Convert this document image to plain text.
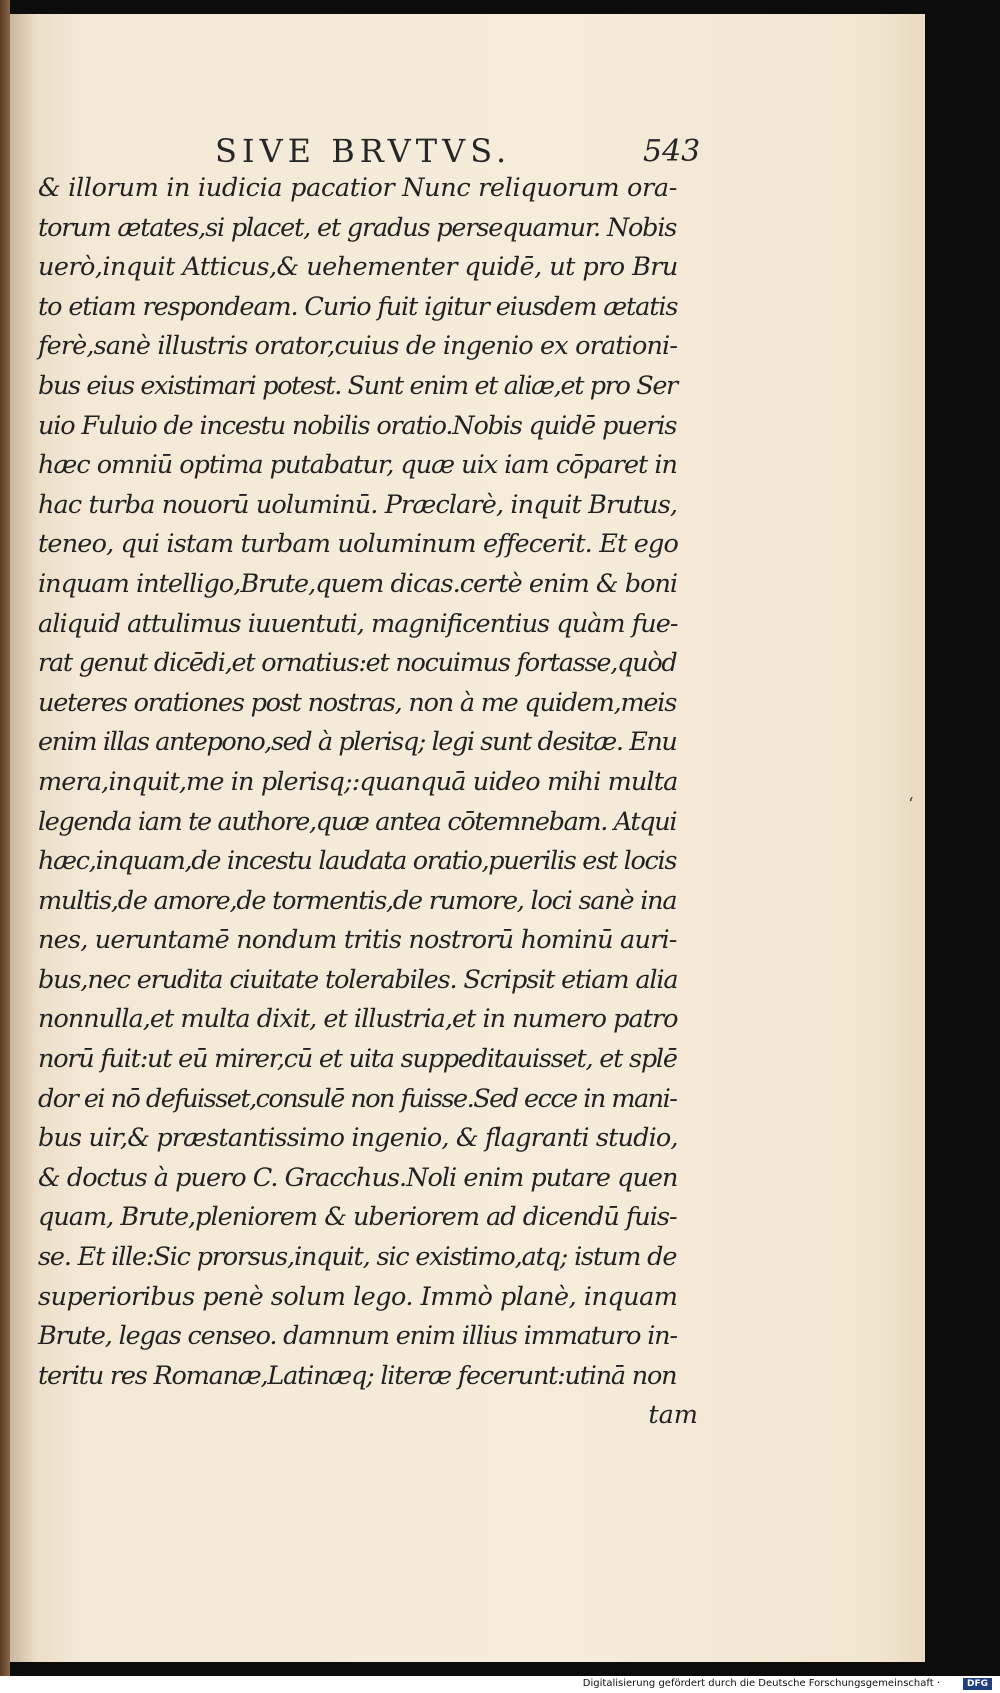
SIVE BRVTVS.	543
& illorum in iudicia pacatior Nunc reliquorum ora-
torum ætates,si placet, et gradus persequamur. Nobis
uerò,inquit Atticus,& uehementer quidē, ut pro Bru
to etiam respondeam. Curio fuit igitur eiusdem ætatis
ferè,sanè illustris orator,cuius de ingenio ex orationi-
bus eius existimari potest. Sunt enim et aliæ,et pro Ser
uio Fuluio de incestu nobilis oratio.Nobis quidē pueris
hæc omniū optima putabatur, quæ uix iam cōparet in
hac turba nouorū uoluminū. Præclarè, inquit Brutus,
teneo, qui istam turbam uoluminum effecerit. Et ego
inquam intelligo,Brute,quem dicas.certè enim & boni
aliquid attulimus iuuentuti, magnificentius quàm fue-
rat genut dicēdi,et ornatius:et nocuimus fortasse,quòd
ueteres orationes post nostras, non à me quidem,meis
enim illas antepono,sed à plerisq; legi sunt desitæ. Enu
mera,inquit,me in plerisq;:quanquā uideo mihi multa
legenda iam te authore,quæ antea cōtemnebam. Atqui
hæc,inquam,de incestu laudata oratio,puerilis est locis
multis,de amore,de tormentis,de rumore, loci sanè ina
nes, ueruntamē nondum tritis nostrorū hominū auri-
bus,nec erudita ciuitate tolerabiles. Scripsit etiam alia
nonnulla,et multa dixit, et illustria,et in numero patro
norū fuit:ut eū mirer,cū et uita suppeditauisset, et splē
dor ei nō defuisset,consulē non fuisse.Sed ecce in mani-
bus uir,& præstantissimo ingenio, & flagranti studio,
& doctus à puero C. Gracchus.Noli enim putare quen
quam, Brute,pleniorem & uberiorem ad dicendū fuis-
se. Et ille:Sic prorsus,inquit, sic existimo,atq; istum de
superioribus penè solum lego. Immò planè, inquam
Brute, legas censeo. damnum enim illius immaturo in-
teritu res Romanæ,Latinæq; literæ fecerunt:utinā non
tam
ʻ
Digitalisierung gefördert durch die Deutsche Forschungsgemeinschaft ·	DFG
